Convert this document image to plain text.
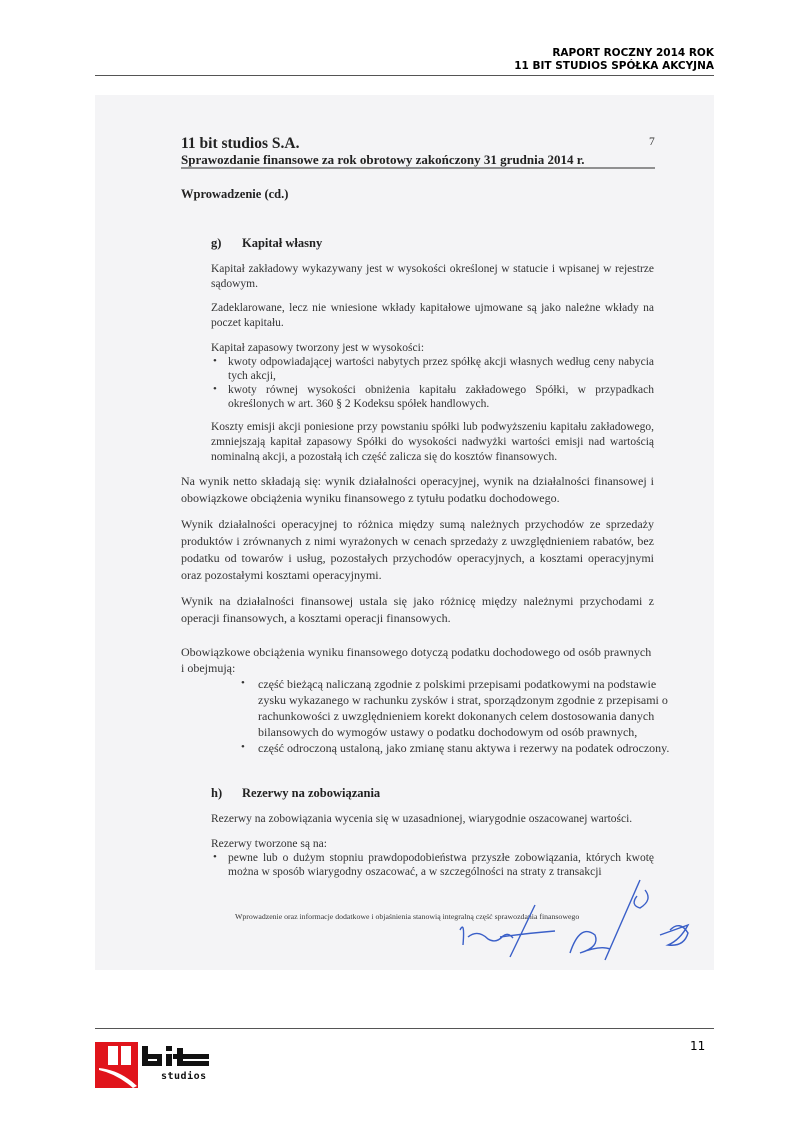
RAPORT ROCZNY 2014 ROK
11 BIT STUDIOS SPÓŁKA AKCYJNA
11 bit studios S.A.	7
Sprawozdanie finansowe za rok obrotowy zakończony 31 grudnia 2014 r.
Wprowadzenie (cd.)
g) Kapitał własny
Kapitał zakładowy wykazywany jest w wysokości określonej w statucie i wpisanej w rejestrze
sądowym.
Zadeklarowane, lecz nie wniesione wkłady kapitałowe ujmowane są jako należne wkłady na
poczet kapitału.
Kapitał zapasowy tworzony jest w wysokości:
• kwoty odpowiadającej wartości nabytych przez spółkę akcji własnych według ceny nabycia
tych akcji,
• kwoty równej wysokości obniżenia kapitału zakładowego Spółki, w przypadkach
określonych w art. 360 § 2 Kodeksu spółek handlowych.
Koszty emisji akcji poniesione przy powstaniu spółki lub podwyższeniu kapitału zakładowego,
zmniejszają kapitał zapasowy Spółki do wysokości nadwyżki wartości emisji nad wartością
nominalną akcji, a pozostałą ich część zalicza się do kosztów finansowych.
Na wynik netto składają się: wynik działalności operacyjnej, wynik na działalności finansowej i
obowiązkowe obciążenia wyniku finansowego z tytułu podatku dochodowego.
Wynik działalności operacyjnej to różnica między sumą należnych przychodów ze sprzedaży
produktów i zrównanych z nimi wyrażonych w cenach sprzedaży z uwzględnieniem rabatów, bez
podatku od towarów i usług, pozostałych przychodów operacyjnych, a kosztami operacyjnymi
oraz pozostałymi kosztami operacyjnymi.
Wynik na działalności finansowej ustala się jako różnicę między należnymi przychodami z
operacji finansowych, a kosztami operacji finansowych.
Obowiązkowe obciążenia wyniku finansowego dotyczą podatku dochodowego od osób prawnych
i obejmują:
• część bieżącą naliczaną zgodnie z polskimi przepisami podatkowymi na podstawie
zysku wykazanego w rachunku zysków i strat, sporządzonym zgodnie z przepisami o
rachunkowości z uwzględnieniem korekt dokonanych celem dostosowania danych
bilansowych do wymogów ustawy o podatku dochodowym od osób prawnych,
• część odroczoną ustaloną, jako zmianę stanu aktywa i rezerwy na podatek odroczony.
h) Rezerwy na zobowiązania
Rezerwy na zobowiązania wycenia się w uzasadnionej, wiarygodnie oszacowanej wartości.
Rezerwy tworzone są na:
• pewne lub o dużym stopniu prawdopodobieństwa przyszłe zobowiązania, których kwotę
można w sposób wiarygodny oszacować, a w szczególności na straty z transakcji
Wprowadzenie oraz informacje dodatkowe i objaśnienia stanowią integralną część sprawozdania finansowego
studios
11
